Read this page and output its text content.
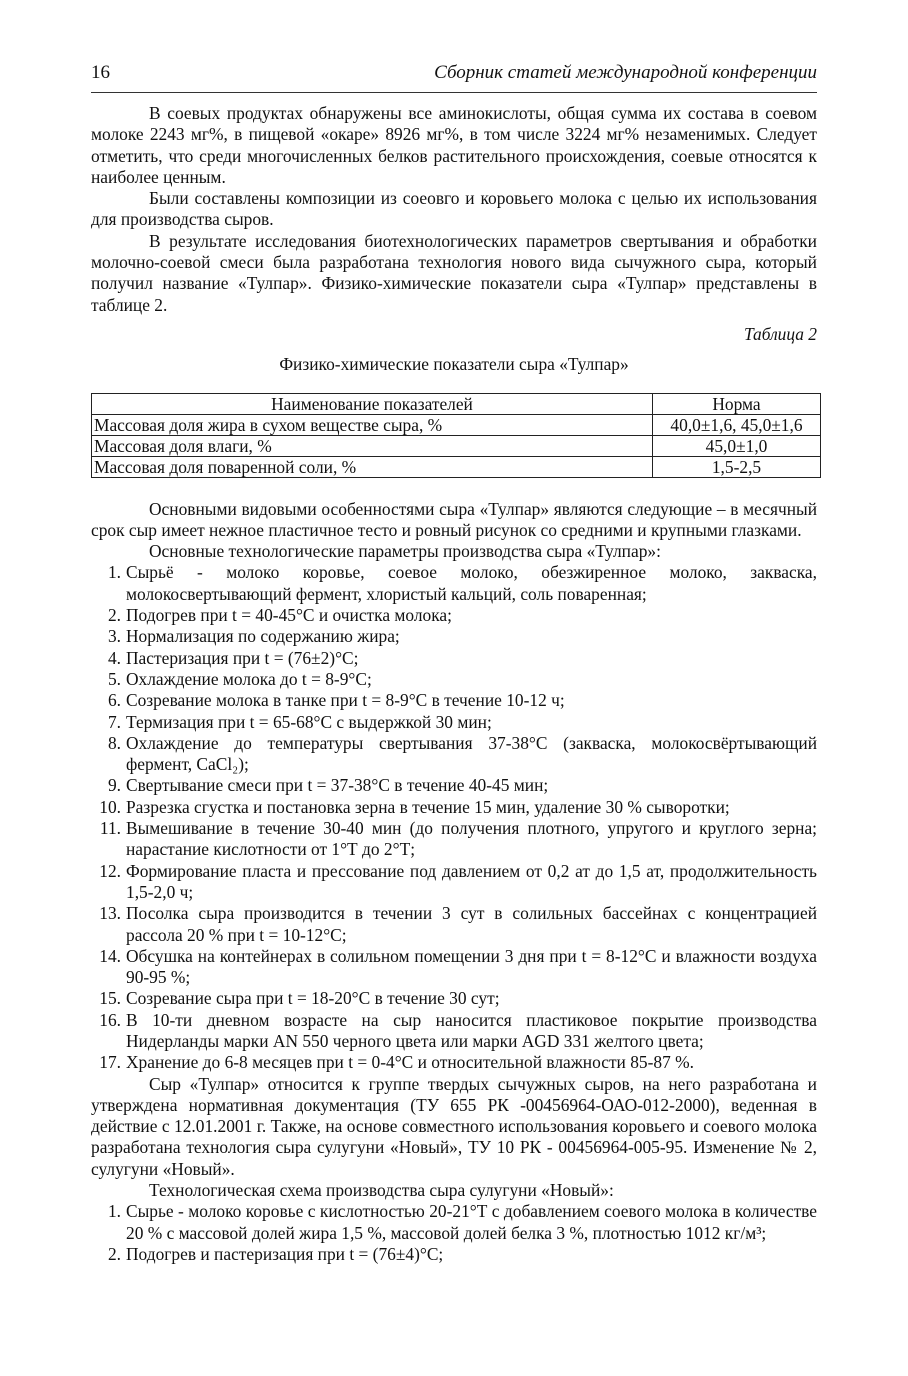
16	Сборник статей международной конференции

В соевых продуктах обнаружены все аминокислоты, общая сумма их состава в соевом молоке 2243 мг%, в пищевой «окаре» 8926 мг%, в том числе 3224 мг% незаменимых. Следует отметить, что среди многочисленных белков растительного происхождения, соевые относятся к наиболее ценным.

Были составлены композиции из соеовго и коровьего молока с целью их использования для производства сыров.

В результате исследования биотехнологических параметров свертывания и обработки молочно-соевой смеси была разработана технология нового вида сычужного сыра, который получил название «Тулпар». Физико-химические показатели сыра «Тулпар» представлены в таблице 2.

Таблица 2
Физико-химические показатели сыра «Тулпар»
Наименование показателей	Норма
Массовая доля жира в сухом веществе сыра, %	40,0±1,6, 45,0±1,6
Массовая доля влаги, %	45,0±1,0
Массовая доля поваренной соли, %	1,5-2,5

Основными видовыми особенностями сыра «Тулпар» являются следующие – в месячный срок сыр имеет нежное пластичное тесто и ровный рисунок со средними и крупными глазками.

Основные технологические параметры производства сыра «Тулпар»:

1. Сырьё - молоко коровье, соевое молоко, обезжиренное молоко, закваска, молокосвертывающий фермент, хлористый кальций, соль поваренная;
2. Подогрев при t = 40-45°С и очистка молока;
3. Нормализация по содержанию жира;
4. Пастеризация при t = (76±2)°С;
5. Охлаждение молока до t = 8-9°С;
6. Созревание молока в танке при t = 8-9°С в течение 10-12 ч;
7. Термизация при t = 65-68°С с выдержкой 30 мин;
8. Охлаждение до температуры свертывания 37-38°С (закваска, молокосвёртывающий фермент, CaCl₂);
9. Свертывание смеси при t = 37-38°С в течение 40-45 мин;
10. Разрезка сгустка и постановка зерна в течение 15 мин, удаление 30 % сыворотки;
11. Вымешивание в течение 30-40 мин (до получения плотного, упругого и круглого зерна; нарастание кислотности от 1°Т до 2°Т;
12. Формирование пласта и прессование под давлением от 0,2 ат до 1,5 ат, продолжительность 1,5-2,0 ч;
13. Посолка сыра производится в течении 3 сут в солильных бассейнах с концентрацией рассола 20 % при t = 10-12°С;
14. Обсушка на контейнерах в солильном помещении 3 дня при t = 8-12°С и влажности воздуха 90-95 %;
15. Созревание сыра при t = 18-20°С в течение 30 сут;
16. В 10-ти дневном возрасте на сыр наносится пластиковое покрытие производства Нидерланды марки AN 550 черного цвета или марки AGD 331 желтого цвета;
17. Хранение до 6-8 месяцев при t = 0-4°С и относительной влажности 85-87 %.

Сыр «Тулпар» относится к группе твердых сычужных сыров, на него разработана и утверждена нормативная документация (ТУ 655 РК -00456964-ОАО-012-2000), веденная в действие с 12.01.2001 г. Также, на основе совместного использования коровьего и соевого молока разработана технология сыра сулугуни «Новый», ТУ 10 РК - 00456964-005-95. Изменение № 2, сулугуни «Новый».

Технологическая схема производства сыра сулугуни «Новый»:

1. Сырье - молоко коровье с кислотностью 20-21°Т с добавлением соевого молока в количестве 20 % с массовой долей жира 1,5 %, массовой долей белка 3 %, плотностью 1012 кг/м³;
2. Подогрев и пастеризация при t = (76±4)°С;
